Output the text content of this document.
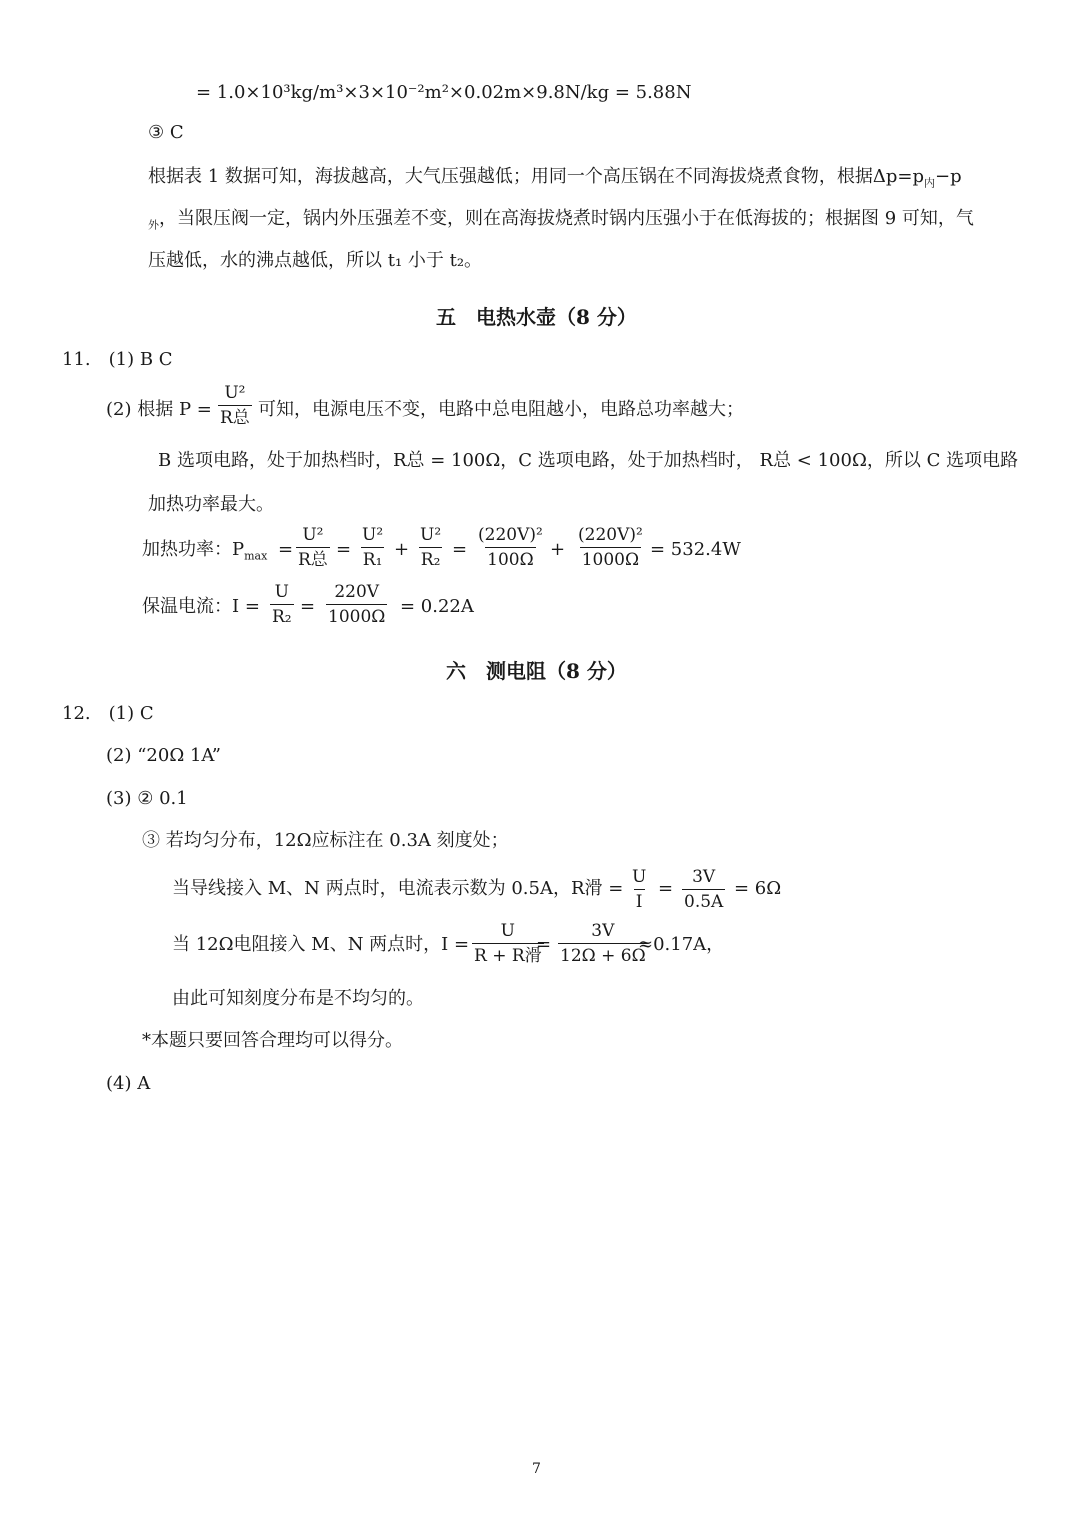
= 1.0×10³kg/m³×3×10⁻²m²×0.02m×9.8N/kg = 5.88N
③ C
根据表 1 数据可知，海拔越高，大气压强越低；用同一个高压锅在不同海拔烧煮食物，根据$\Delta p=p_内-p$
$_外$，当限压阀一定，锅内外压强差不变，则在高海拔烧煮时锅内压强小于在低海拔的；根据图 9 可知，气
压越低，水的沸点越低，所以 t₁ 小于 t₂。
五　电热水壶（8 分）
11.　(1) B C
(2) 根据 P =
U²
R总 可知，电源电压不变，电路中总电阻越小，电路总功率越大；
B 选项电路，处于加热档时，R总 = 100Ω，C 选项电路，处于加热档时， R总 < 100Ω，所以 C 选项电路
加热功率最大。
加热功率：$P_{max}$ =
U²
R总 = $\frac{\text{U²}}{\text{R₁}} + \frac{\text{U²}}{\text{R₂}} = \frac{\text{(220V)²}}{100\Omega} + \frac{\text{(220V)²}}{1000\Omega} = 532.4W$
保温电流：$I = \frac{U}{\text{R₂}} = \frac{220V}{1000\Omega} = 0.22A$
六　测电阻（8 分）
12.　(1) C
(2) “20Ω 1A”
(3) ② 0.1
③ 若均匀分布，12Ω应标注在 0.3A 刻度处；
当导线接入 M、N 两点时，电流表示数为 0.5A，R滑 = $\frac{U}{I} = \frac{3V}{0.5A} = 6\Omega$
当 12Ω电阻接入 M、N 两点时，I =
U
R + R滑
= $\frac{3V}{12\Omega + 6\Omega}$
≈0.17A，
由此可知刻度分布是不均匀的。
*本题只要回答合理均可以得分。
(4) A
7
